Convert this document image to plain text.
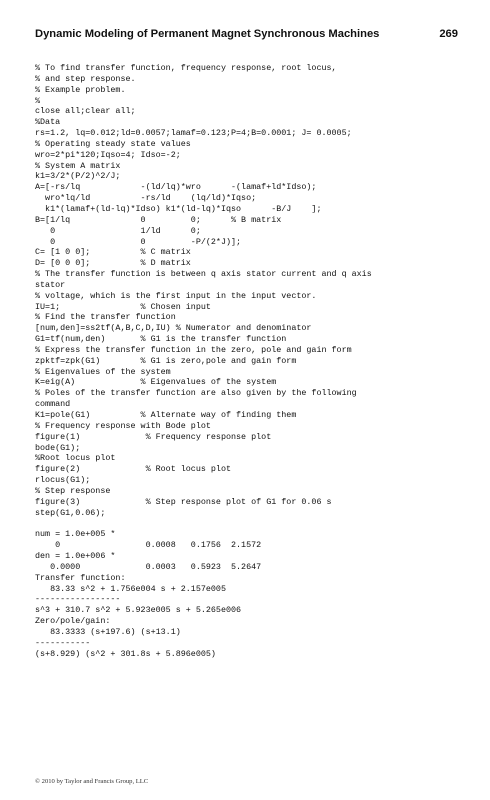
Dynamic Modeling of Permanent Magnet Synchronous Machines	269
% To find transfer function, frequency response, root locus,
% and step response.
% Example problem.
%
close all;clear all;
%Data
rs=1.2, lq=0.012;ld=0.0057;lamaf=0.123;P=4;B=0.0001; J= 0.0005;
% Operating steady state values
wro=2*pi*120;Iqso=4; Idso=-2;
% System A matrix
k1=3/2*(P/2)^2/J;
A=[-rs/lq            -(ld/lq)*wro      -(lamaf+ld*Idso);
wro*lq/ld          -rs/ld    (lq/ld)*Iqso;
k1*(lamaf+(ld-lq)*Idso) k1*(ld-lq)*Iqso      -B/J    ];
B=[1/lq              0         0;      % B matrix
0                 1/ld      0;
0                 0         -P/(2*J)];
C= [1 0 0];          % C matrix
D= [0 0 0];          % D matrix
% The transfer function is between q axis stator current and q axis
stator
% voltage, which is the first input in the input vector.
IU=1;                % Chosen input
% Find the transfer function
[num,den]=ss2tf(A,B,C,D,IU) % Numerator and denominator
G1=tf(num,den)       % G1 is the transfer function
% Express the transfer function in the zero, pole and gain form
zpktf=zpk(G1)        % G1 is zero,pole and gain form
% Eigenvalues of the system
K=eig(A)             % Eigenvalues of the system
% Poles of the transfer function are also given by the following
command
K1=pole(G1)          % Alternate way of finding them
% Frequency response with Bode plot
figure(1)             % Frequency response plot
bode(G1);
%Root locus plot
figure(2)             % Root locus plot
rlocus(G1);
% Step response
figure(3)             % Step response plot of G1 for 0.06 s
step(G1,0.06);
num = 1.0e+005 *
0                 0.0008   0.1756  2.1572
den = 1.0e+006 *
0.0000             0.0003   0.5923  5.2647
Transfer function:
83.33 s^2 + 1.756e004 s + 2.157e005
-----------------
s^3 + 310.7 s^2 + 5.923e005 s + 5.265e006
Zero/pole/gain:
83.3333 (s+197.6) (s+13.1)
-----------
(s+8.929) (s^2 + 301.8s + 5.896e005)
© 2010 by Taylor and Francis Group, LLC
